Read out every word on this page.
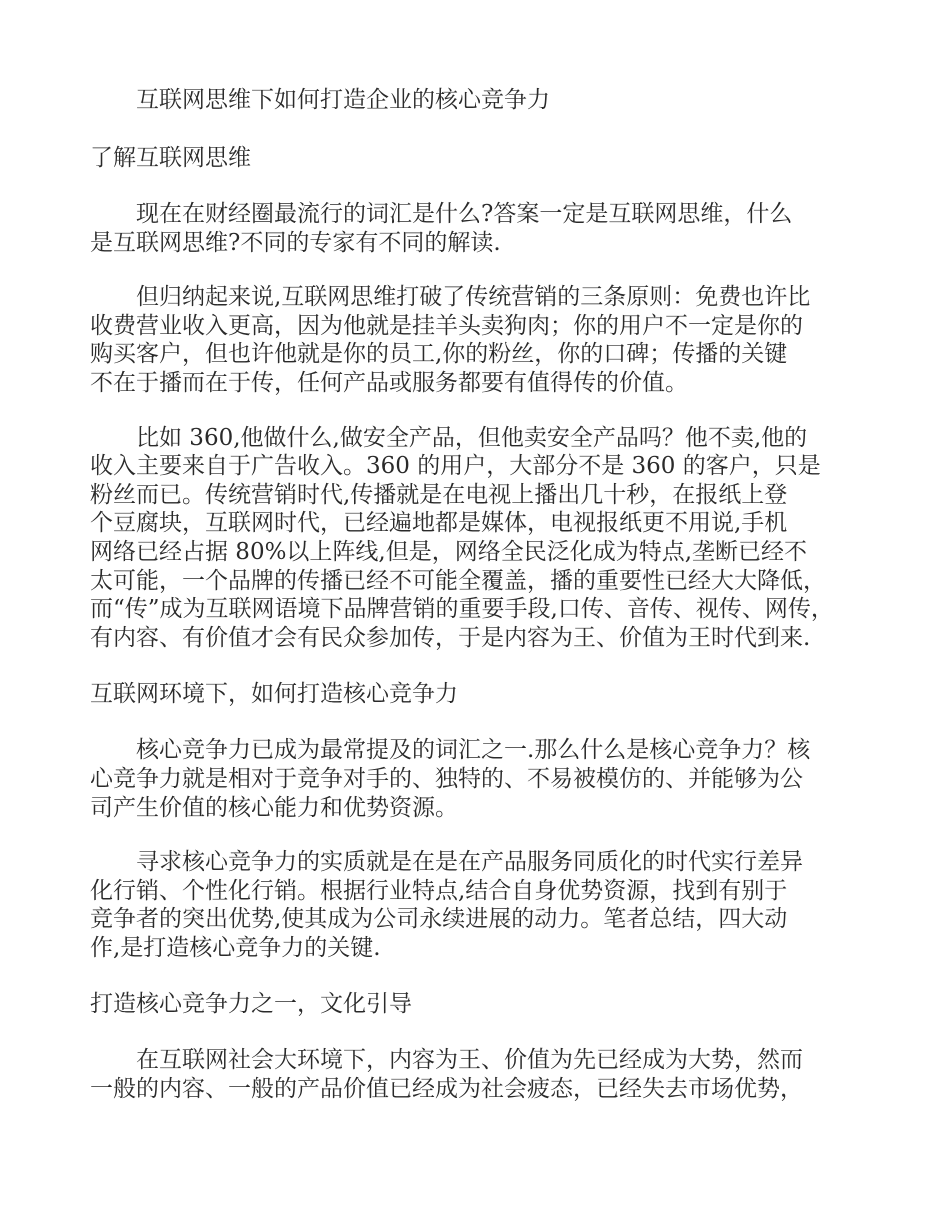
互联网思维下如何打造企业的核心竞争力
了解互联网思维
现在在财经圈最流行的词汇是什么?答案一定是互联网思维，什么
是互联网思维?不同的专家有不同的解读.
但归纳起来说,互联网思维打破了传统营销的三条原则：免费也许比
收费营业收入更高，因为他就是挂羊头卖狗肉；你的用户不一定是你的
购买客户，但也许他就是你的员工,你的粉丝，你的口碑；传播的关键
不在于播而在于传，任何产品或服务都要有值得传的价值。
比如 360,他做什么,做安全产品，但他卖安全产品吗？他不卖,他的
收入主要来自于广告收入。360 的用户，大部分不是 360 的客户，只是
粉丝而已。传统营销时代,传播就是在电视上播出几十秒，在报纸上登
个豆腐块，互联网时代，已经遍地都是媒体，电视报纸更不用说,手机
网络已经占据 80%以上阵线,但是，网络全民泛化成为特点,垄断已经不
太可能，一个品牌的传播已经不可能全覆盖，播的重要性已经大大降低，
而“传”成为互联网语境下品牌营销的重要手段,口传、音传、视传、网传，
有内容、有价值才会有民众参加传，于是内容为王、价值为王时代到来.
互联网环境下，如何打造核心竞争力
核心竞争力已成为最常提及的词汇之一.那么什么是核心竞争力？核
心竞争力就是相对于竞争对手的、独特的、不易被模仿的、并能够为公
司产生价值的核心能力和优势资源。
寻求核心竞争力的实质就是在是在产品服务同质化的时代实行差异
化行销、个性化行销。根据行业特点,结合自身优势资源，找到有别于
竞争者的突出优势,使其成为公司永续进展的动力。笔者总结，四大动
作,是打造核心竞争力的关键.
打造核心竞争力之一，文化引导
在互联网社会大环境下，内容为王、价值为先已经成为大势，然而
一般的内容、一般的产品价值已经成为社会疲态，已经失去市场优势，
